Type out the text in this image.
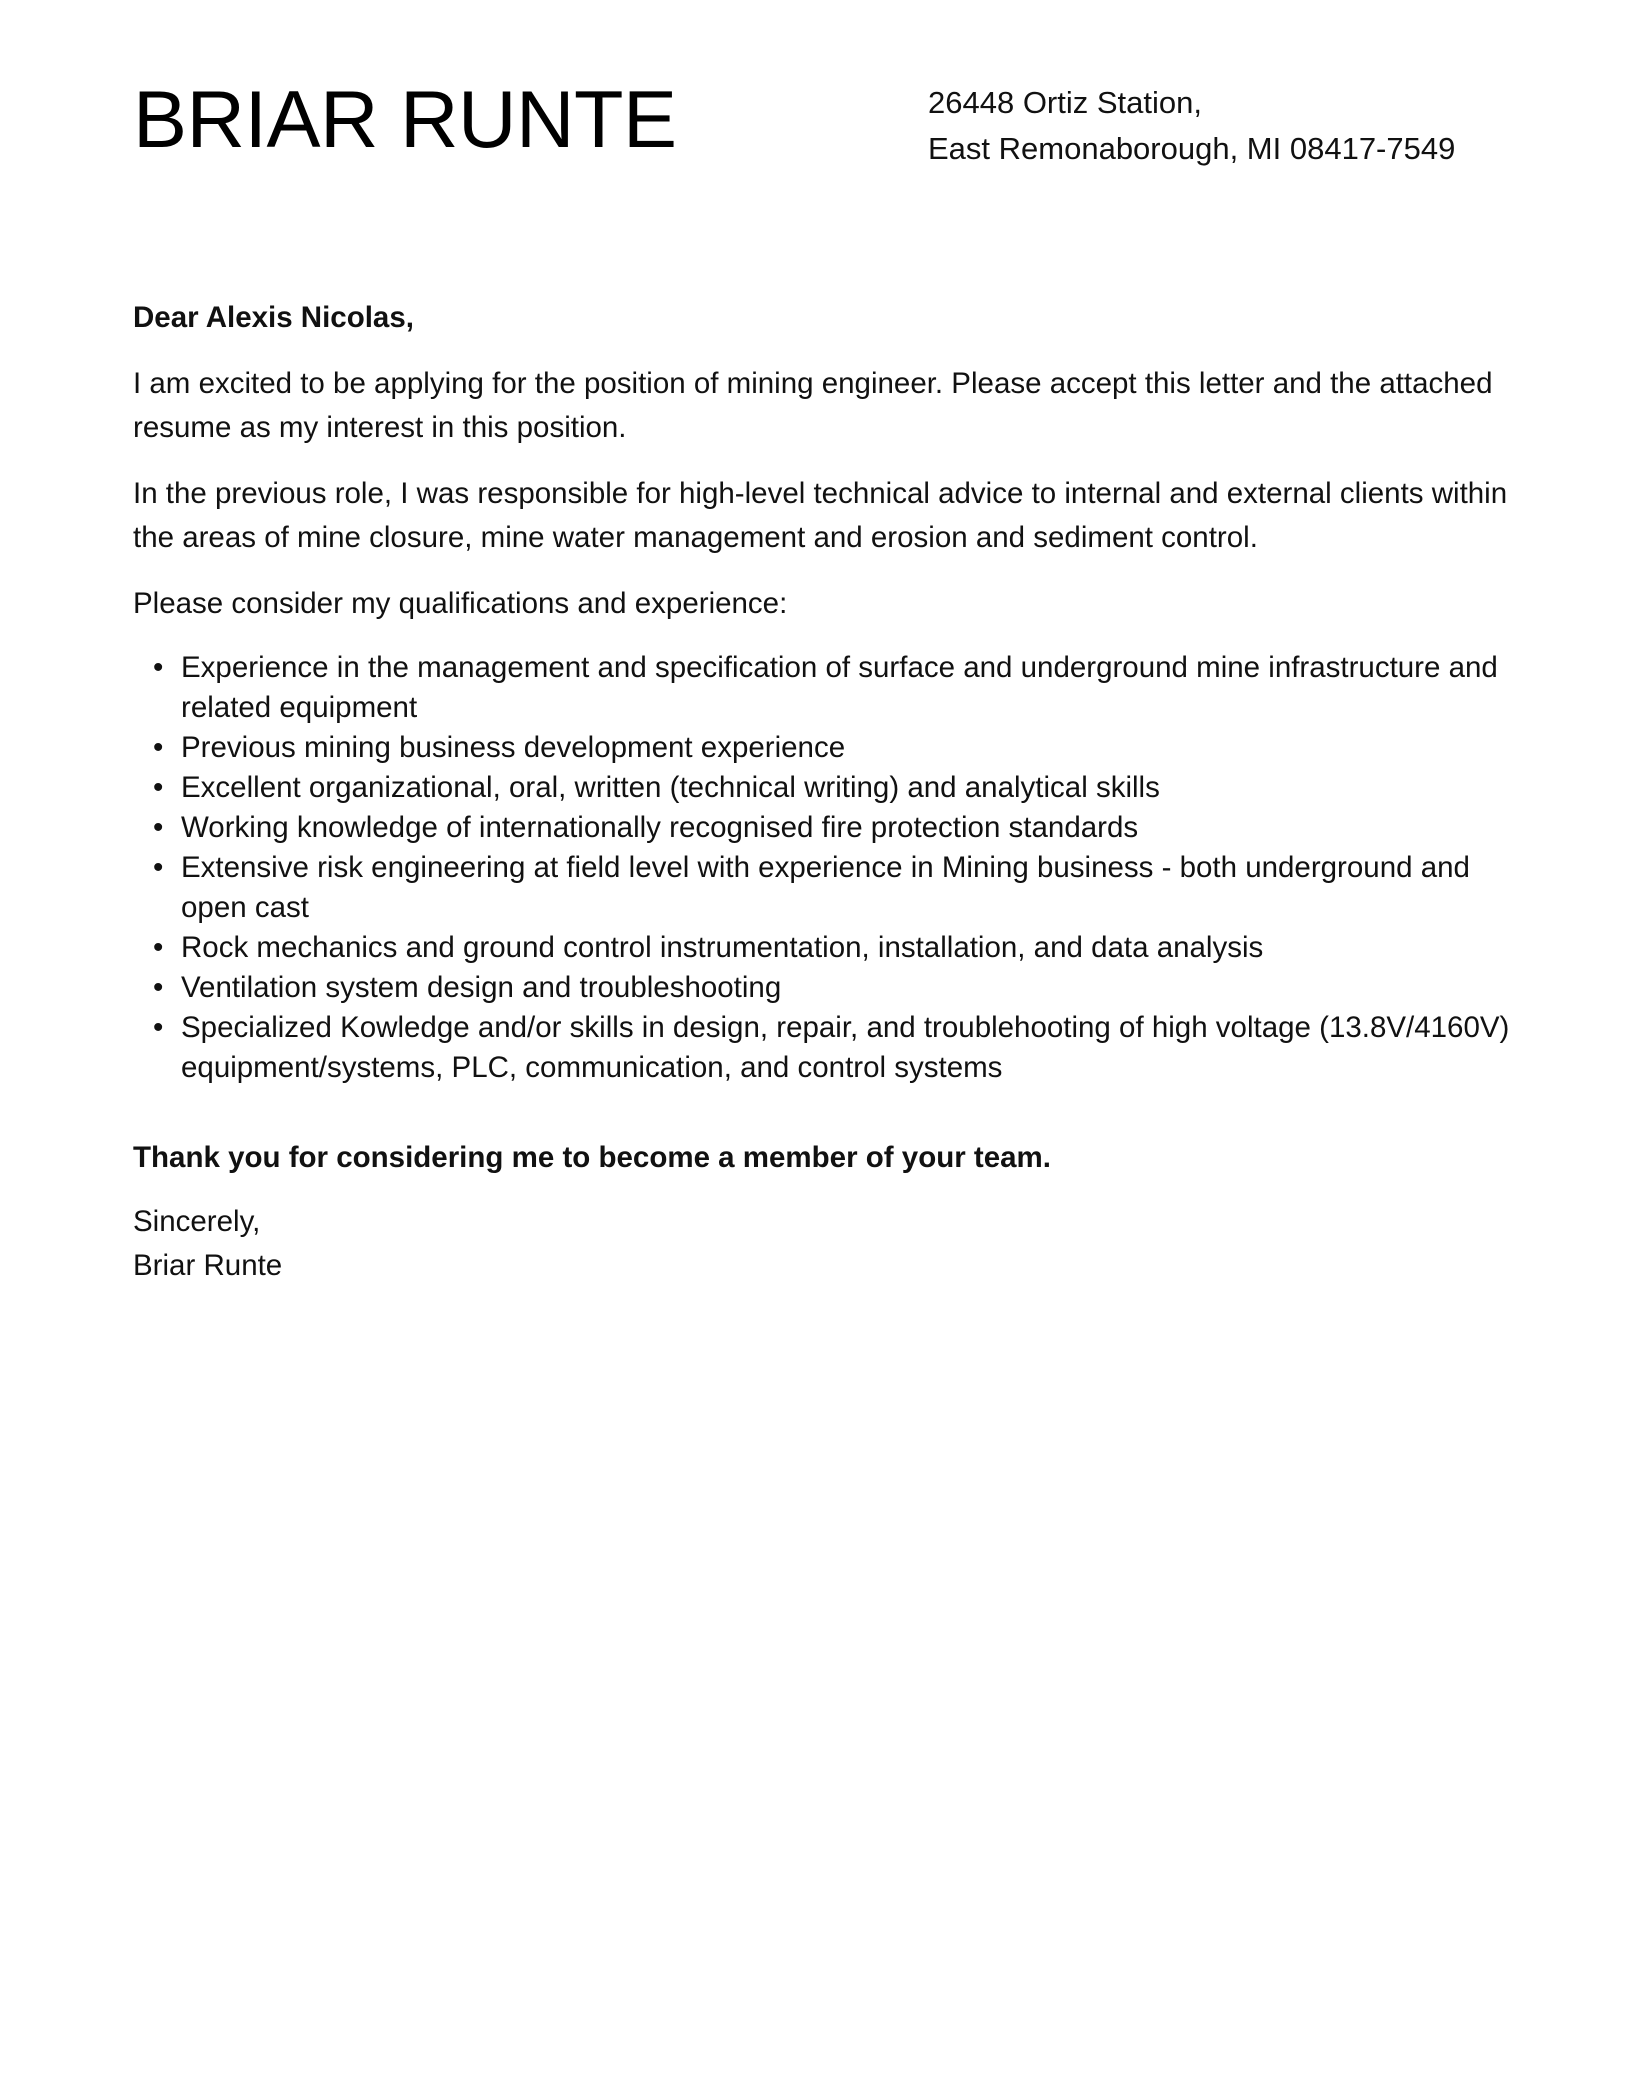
BRIAR RUNTE	26448 Ortiz Station,
East Remonaborough, MI 08417-7549

Dear Alexis Nicolas,

I am excited to be applying for the position of mining engineer. Please accept this letter and the attached resume as my interest in this position.

In the previous role, I was responsible for high-level technical advice to internal and external clients within the areas of mine closure, mine water management and erosion and sediment control.

Please consider my qualifications and experience:

• Experience in the management and specification of surface and underground mine infrastructure and related equipment
• Previous mining business development experience
• Excellent organizational, oral, written (technical writing) and analytical skills
• Working knowledge of internationally recognised fire protection standards
• Extensive risk engineering at field level with experience in Mining business - both underground and open cast
• Rock mechanics and ground control instrumentation, installation, and data analysis
• Ventilation system design and troubleshooting
• Specialized Kowledge and/or skills in design, repair, and troublehooting of high voltage (13.8V/4160V) equipment/systems, PLC, communication, and control systems

Thank you for considering me to become a member of your team.

Sincerely,
Briar Runte
